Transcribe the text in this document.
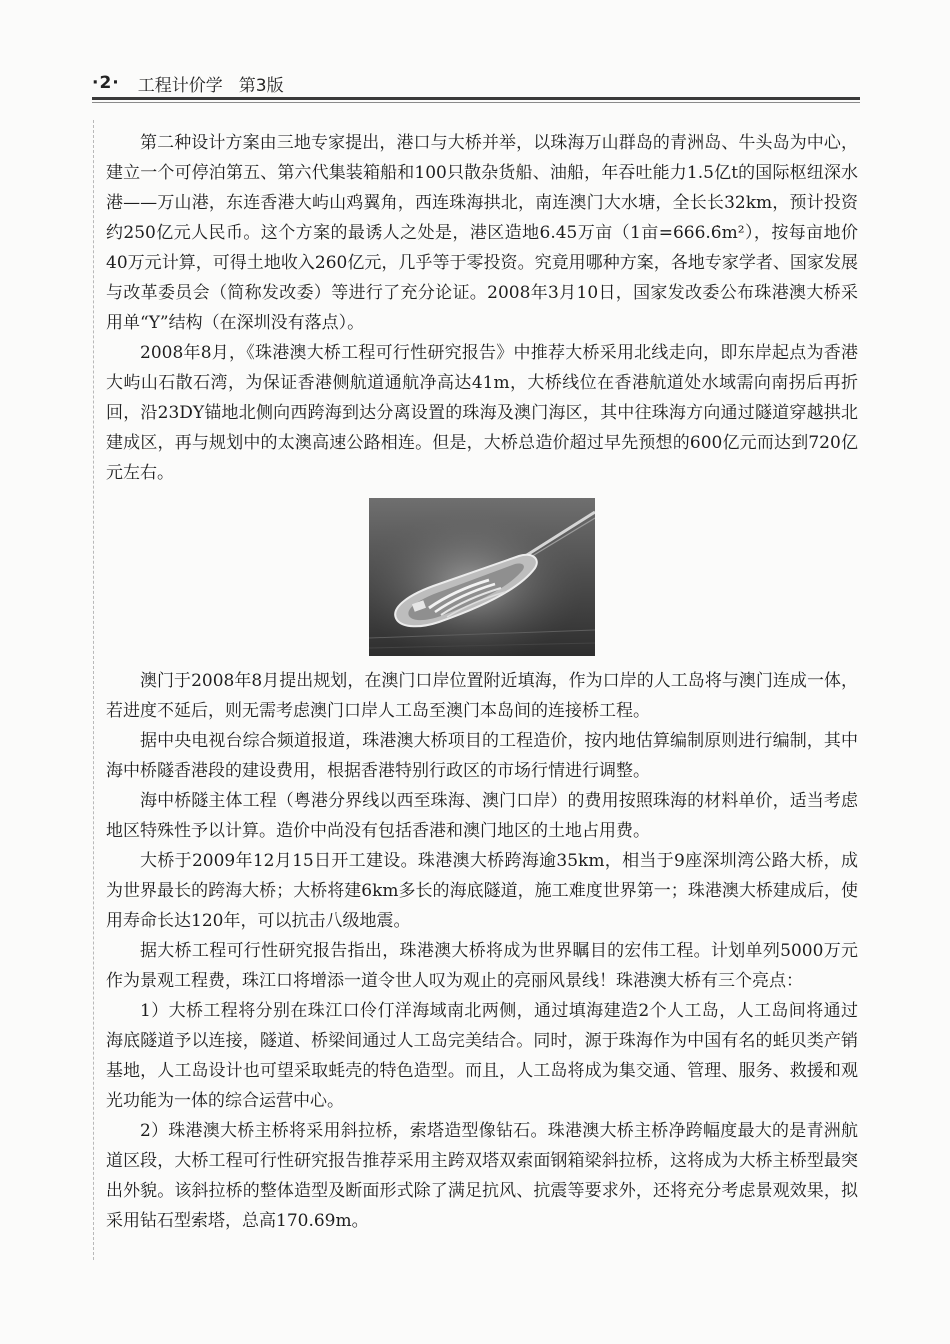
·2· 工程计价学 第3版

第二种设计方案由三地专家提出，港口与大桥并举，以珠海万山群岛的青洲岛、牛头岛为中心，建立一个可停泊第五、第六代集装箱船和100只散杂货船、油船，年吞吐能力1.5亿t的国际枢纽深水港——万山港，东连香港大屿山鸡翼角，西连珠海拱北，南连澳门大水塘，全长长32km，预计投资约250亿元人民币。这个方案的最诱人之处是，港区造地6.45万亩（1亩=666.6̇m²），按每亩地价40万元计算，可得土地收入260亿元，几乎等于零投资。究竟用哪种方案，各地专家学者、国家发展与改革委员会（简称发改委）等进行了充分论证。2008年3月10日，国家发改委公布珠港澳大桥采用单“Y”结构（在深圳没有落点）。

2008年8月，《珠港澳大桥工程可行性研究报告》中推荐大桥采用北线走向，即东岸起点为香港大屿山石散石湾，为保证香港侧航道通航净高达41m，大桥线位在香港航道处水域需向南拐后再折回，沿23DY锚地北侧向西跨海到达分离设置的珠海及澳门海区，其中往珠海方向通过隧道穿越拱北建成区，再与规划中的太澳高速公路相连。但是，大桥总造价超过早先预想的600亿元而达到720亿元左右。

澳门于2008年8月提出规划，在澳门口岸位置附近填海，作为口岸的人工岛将与澳门连成一体，若进度不延后，则无需考虑澳门口岸人工岛至澳门本岛间的连接桥工程。

据中央电视台综合频道报道，珠港澳大桥项目的工程造价，按内地估算编制原则进行编制，其中海中桥隧香港段的建设费用，根据香港特别行政区的市场行情进行调整。

海中桥隧主体工程（粤港分界线以西至珠海、澳门口岸）的费用按照珠海的材料单价，适当考虑地区特殊性予以计算。造价中尚没有包括香港和澳门地区的土地占用费。

大桥于2009年12月15日开工建设。珠港澳大桥跨海逾35km，相当于9座深圳湾公路大桥，成为世界最长的跨海大桥；大桥将建6km多长的海底隧道，施工难度世界第一；珠港澳大桥建成后，使用寿命长达120年，可以抗击八级地震。

据大桥工程可行性研究报告指出，珠港澳大桥将成为世界瞩目的宏伟工程。计划单列5000万元作为景观工程费，珠江口将增添一道令世人叹为观止的亮丽风景线！珠港澳大桥有三个亮点：

1）大桥工程将分别在珠江口伶仃洋海域南北两侧，通过填海建造2个人工岛，人工岛间将通过海底隧道予以连接，隧道、桥梁间通过人工岛完美结合。同时，源于珠海作为中国有名的蚝贝类产销基地，人工岛设计也可望采取蚝壳的特色造型。而且，人工岛将成为集交通、管理、服务、救援和观光功能为一体的综合运营中心。

2）珠港澳大桥主桥将采用斜拉桥，索塔造型像钻石。珠港澳大桥主桥净跨幅度最大的是青洲航道区段，大桥工程可行性研究报告推荐采用主跨双塔双索面钢箱梁斜拉桥，这将成为大桥主桥型最突出外貌。该斜拉桥的整体造型及断面形式除了满足抗风、抗震等要求外，还将充分考虑景观效果，拟采用钻石型索塔，总高170.69m。
